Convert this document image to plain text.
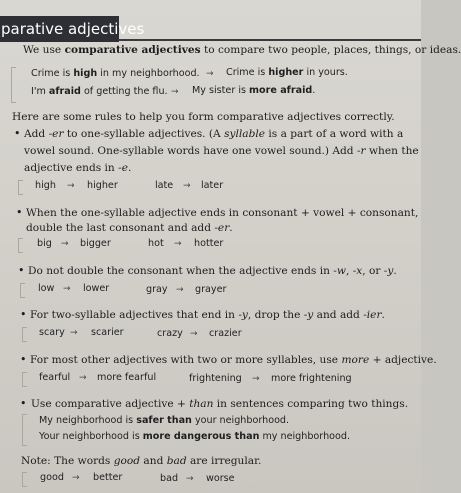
parative adjectives
We use comparative adjectives to compare two people, places, things, or ideas.
Crime is high in my neighborhood. → Crime is higher in yours.
I'm afraid of getting the flu. → My sister is more afraid.
Here are some rules to help you form comparative adjectives correctly.
• Add -er to one-syllable adjectives. (A syllable is a part of a word with a
vowel sound. One-syllable words have one vowel sound.) Add -r when the
adjective ends in -e.
high → higher	late → later
• When the one-syllable adjective ends in consonant + vowel + consonant,
double the last consonant and add -er.
big → bigger	hot → hotter
• Do not double the consonant when the adjective ends in -w, -x, or -y.
low → lower	gray → grayer
• For two-syllable adjectives that end in -y, drop the -y and add -ier.
scary → scarier	crazy → crazier
• For most other adjectives with two or more syllables, use more + adjective.
fearful → more fearful	frightening → more frightening
• Use comparative adjective + than in sentences comparing two things.
My neighborhood is safer than your neighborhood.
Your neighborhood is more dangerous than my neighborhood.
Note: The words good and bad are irregular.
good → better	bad → worse
